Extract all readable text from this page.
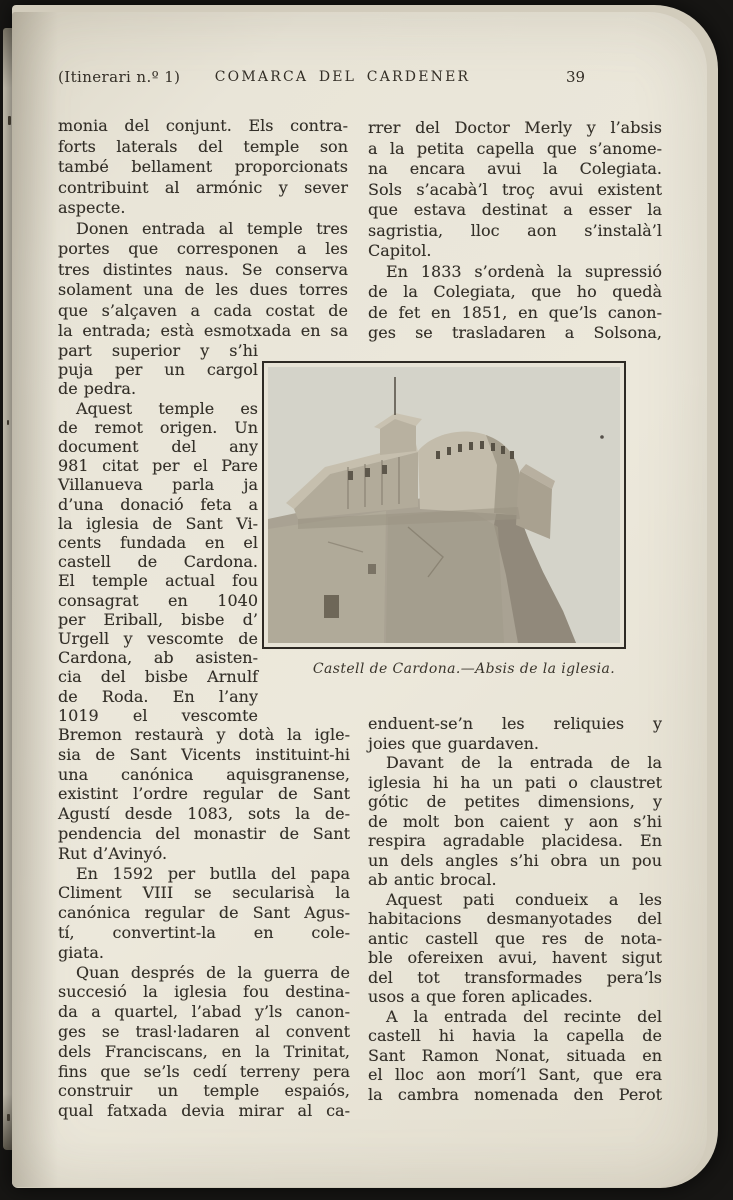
(Itinerari n.º 1) COMARCA DEL CARDENER	39
monia del conjunt. Els contra-
forts laterals del temple son
també bellament proporcionats
contribuint al armónic y sever
aspecte.
Donen entrada al temple tres
portes que corresponen a les
tres distintes naus. Se conserva
solament una de les dues torres
que s’alçaven a cada costat de
la entrada; està esmotxada en sa
part superior y s’hi
puja per un cargol
de pedra.
Aquest temple es
de remot origen. Un
document del any
981 citat per el Pare
Villanueva parla ja
d’una donació feta a
la iglesia de Sant Vi-
cents fundada en el
castell de Cardona.
El temple actual fou
consagrat en 1040
per Eriball, bisbe d’
Urgell y vescomte de
Cardona, ab asisten-
cia del bisbe Arnulf
de Roda. En l’any
1019 el vescomte
Bremon restaurà y dotà la igle-
sia de Sant Vicents instituint-hi
una canónica aquisgranense,
existint l’ordre regular de Sant
Agustí desde 1083, sots la de-
pendencia del monastir de Sant
Rut d’Avinyó.
En 1592 per butlla del papa
Climent VIII se secularisà la
canónica regular de Sant Agus-
tí, convertint-la en cole-
giata.
Quan després de la guerra de
succesió la iglesia fou destina-
da a quartel, l’abad y’ls canon-
ges se trasl·ladaren al convent
dels Franciscans, en la Trinitat,
fins que se’ls cedí terreny pera
construir un temple espaiós,
qual fatxada devia mirar al ca-
rrer del Doctor Merly y l’absis
a la petita capella que s’anome-
na encara avui la Colegiata.
Sols s’acabà’l troç avui existent
que estava destinat a esser la
sagristia, lloc aon s’instalà’l
Capitol.
En 1833 s’ordenà la supressió
de la Colegiata, que ho quedà
de fet en 1851, en que’ls canon-
ges se trasladaren a Solsona,
enduent-se’n les reliquies y
joies que guardaven.
Davant de la entrada de la
iglesia hi ha un pati o claustret
gótic de petites dimensions, y
de molt bon caient y aon s’hi
respira agradable placidesa. En
un dels angles s’hi obra un pou
ab antic brocal.
Aquest pati condueix a les
habitacions desmanyotades del
antic castell que res de nota-
ble ofereixen avui, havent sigut
del tot transformades pera’ls
usos a que foren aplicades.
A la entrada del recinte del
castell hi havia la capella de
Sant Ramon Nonat, situada en
el lloc aon morí’l Sant, que era
la cambra nomenada den Perot
Castell de Cardona.—Absis de la iglesia.
